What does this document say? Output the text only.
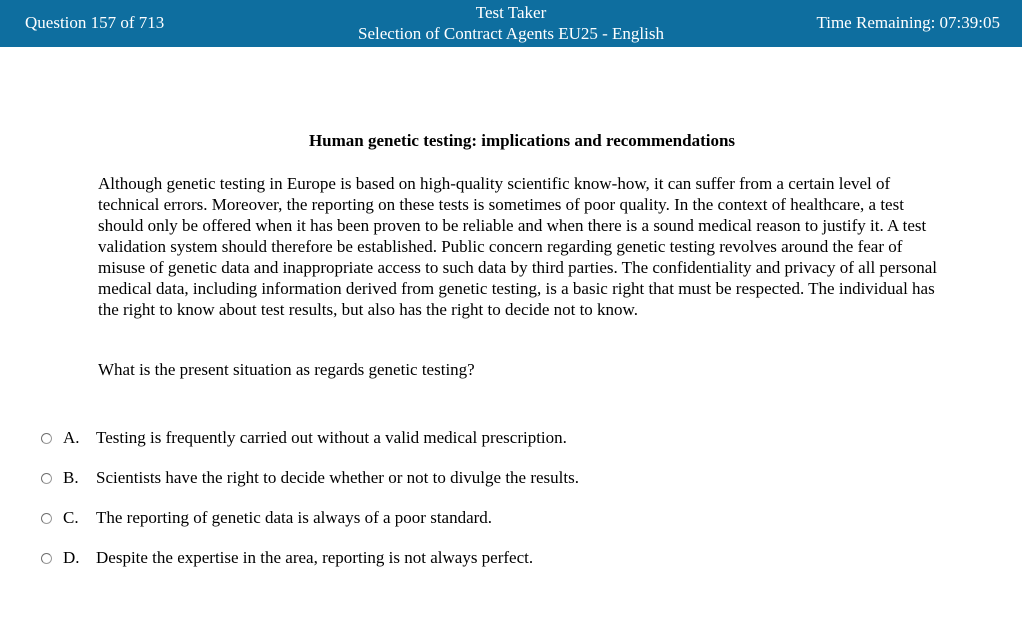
Question 157 of 713
Test Taker
Selection of Contract Agents EU25 - English
Time Remaining: 07:39:05
Human genetic testing: implications and recommendations

Although genetic testing in Europe is based on high-quality scientific know-how, it can suffer from a certain level of technical errors. Moreover, the reporting on these tests is sometimes of poor quality. In the context of healthcare, a test should only be offered when it has been proven to be reliable and when there is a sound medical reason to justify it. A test validation system should therefore be established. Public concern regarding genetic testing revolves around the fear of misuse of genetic data and inappropriate access to such data by third parties. The confidentiality and privacy of all personal medical data, including information derived from genetic testing, is a basic right that must be respected. The individual has the right to know about test results, but also has the right to decide not to know.

What is the present situation as regards genetic testing?

A. Testing is frequently carried out without a valid medical prescription.
B. Scientists have the right to decide whether or not to divulge the results.
C. The reporting of genetic data is always of a poor standard.
D. Despite the expertise in the area, reporting is not always perfect.
